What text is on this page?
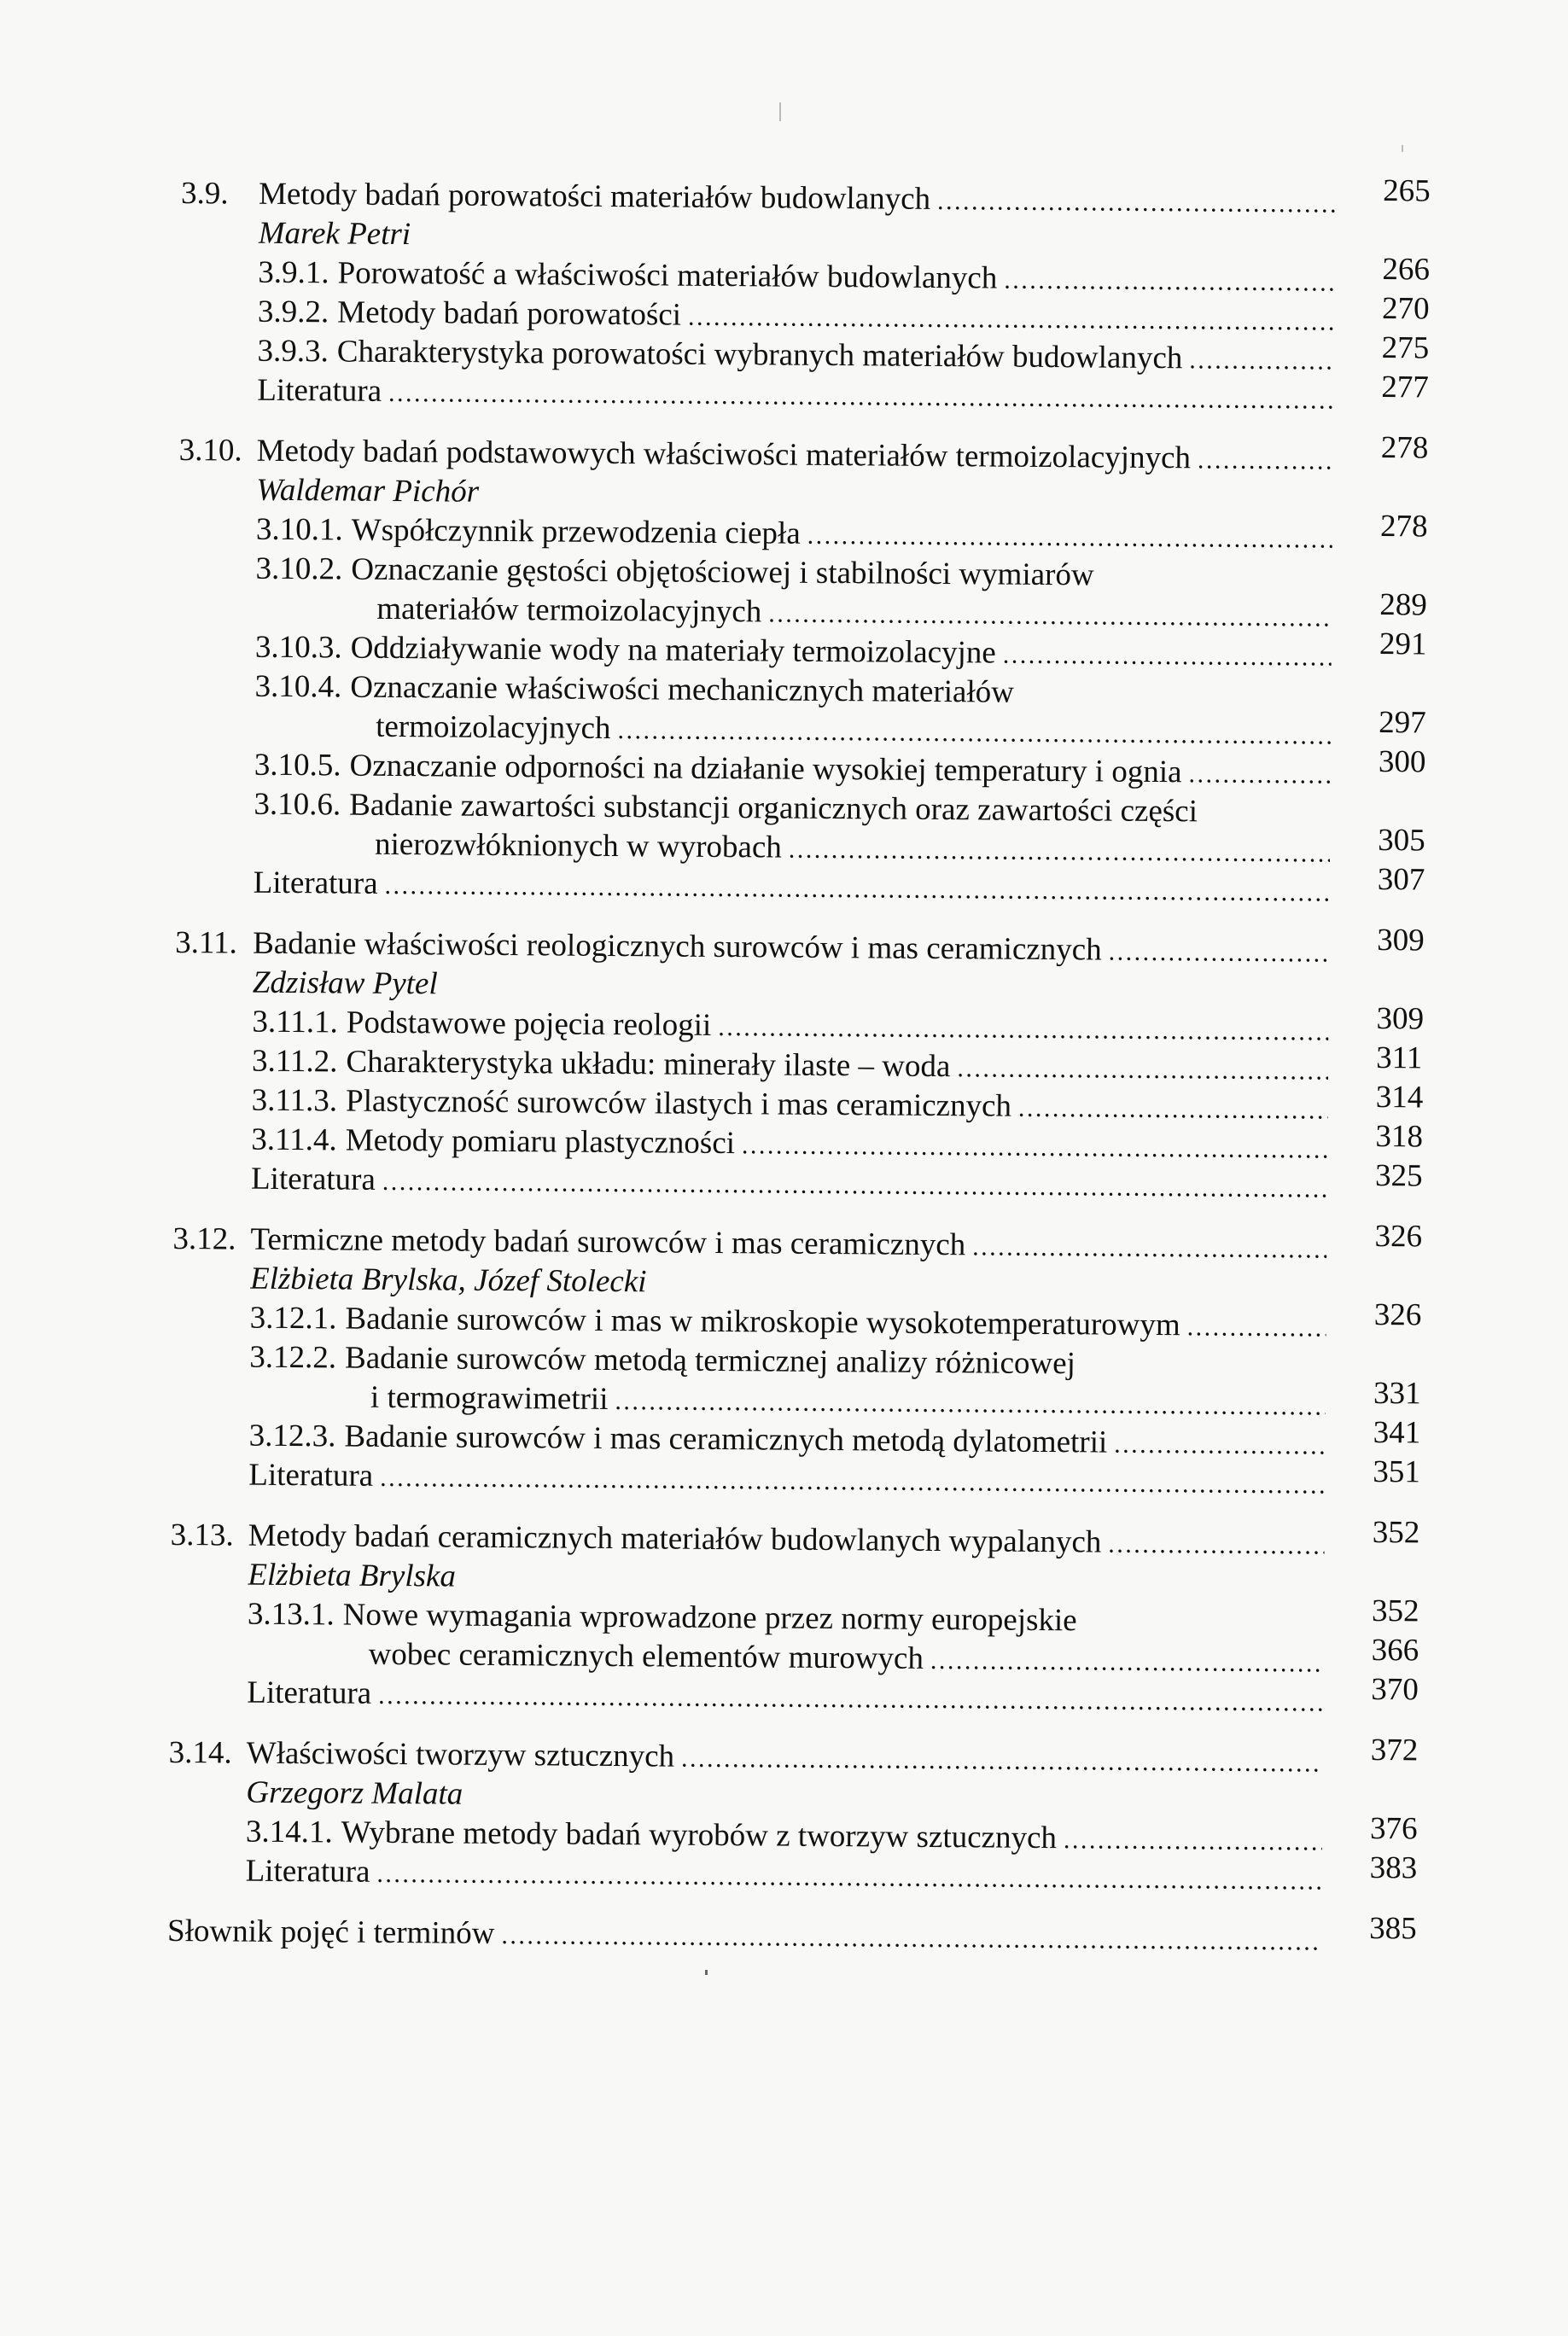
3.9. Metody badań porowatości materiałów budowlanych .....	265
Marek Petri
3.9.1. Porowatość a właściwości materiałów budowlanych .....	266
3.9.2. Metody badań porowatości .....	270
3.9.3. Charakterystyka porowatości wybranych materiałów budowlanych .....	275
Literatura .....	277
3.10. Metody badań podstawowych właściwości materiałów termoizolacyjnych .....	278
Waldemar Pichór
3.10.1. Współczynnik przewodzenia ciepła .....	278
3.10.2. Oznaczanie gęstości objętościowej i stabilności wymiarów
materiałów termoizolacyjnych .....	289
3.10.3. Oddziaływanie wody na materiały termoizolacyjne .....	291
3.10.4. Oznaczanie właściwości mechanicznych materiałów
termoizolacyjnych .....	297
3.10.5. Oznaczanie odporności na działanie wysokiej temperatury i ognia .....	300
3.10.6. Badanie zawartości substancji organicznych oraz zawartości części
nierozwłóknionych w wyrobach .....	305
Literatura .....	307
3.11. Badanie właściwości reologicznych surowców i mas ceramicznych .....	309
Zdzisław Pytel
3.11.1. Podstawowe pojęcia reologii .....	309
3.11.2. Charakterystyka układu: minerały ilaste – woda .....	311
3.11.3. Plastyczność surowców ilastych i mas ceramicznych .....	314
3.11.4. Metody pomiaru plastyczności .....	318
Literatura .....	325
3.12. Termiczne metody badań surowców i mas ceramicznych .....	326
Elżbieta Brylska, Józef Stolecki
3.12.1. Badanie surowców i mas w mikroskopie wysokotemperaturowym .....	326
3.12.2. Badanie surowców metodą termicznej analizy różnicowej
i termograwimetrii .....	331
3.12.3. Badanie surowców i mas ceramicznych metodą dylatometrii .....	341
Literatura .....	351
3.13. Metody badań ceramicznych materiałów budowlanych wypalanych .....	352
Elżbieta Brylska
3.13.1. Nowe wymagania wprowadzone przez normy europejskie	352
wobec ceramicznych elementów murowych .....	366
Literatura .....	370
3.14. Właściwości tworzyw sztucznych .....	372
Grzegorz Malata
3.14.1. Wybrane metody badań wyrobów z tworzyw sztucznych .....	376
Literatura .....	383
Słownik pojęć i terminów .....	385
